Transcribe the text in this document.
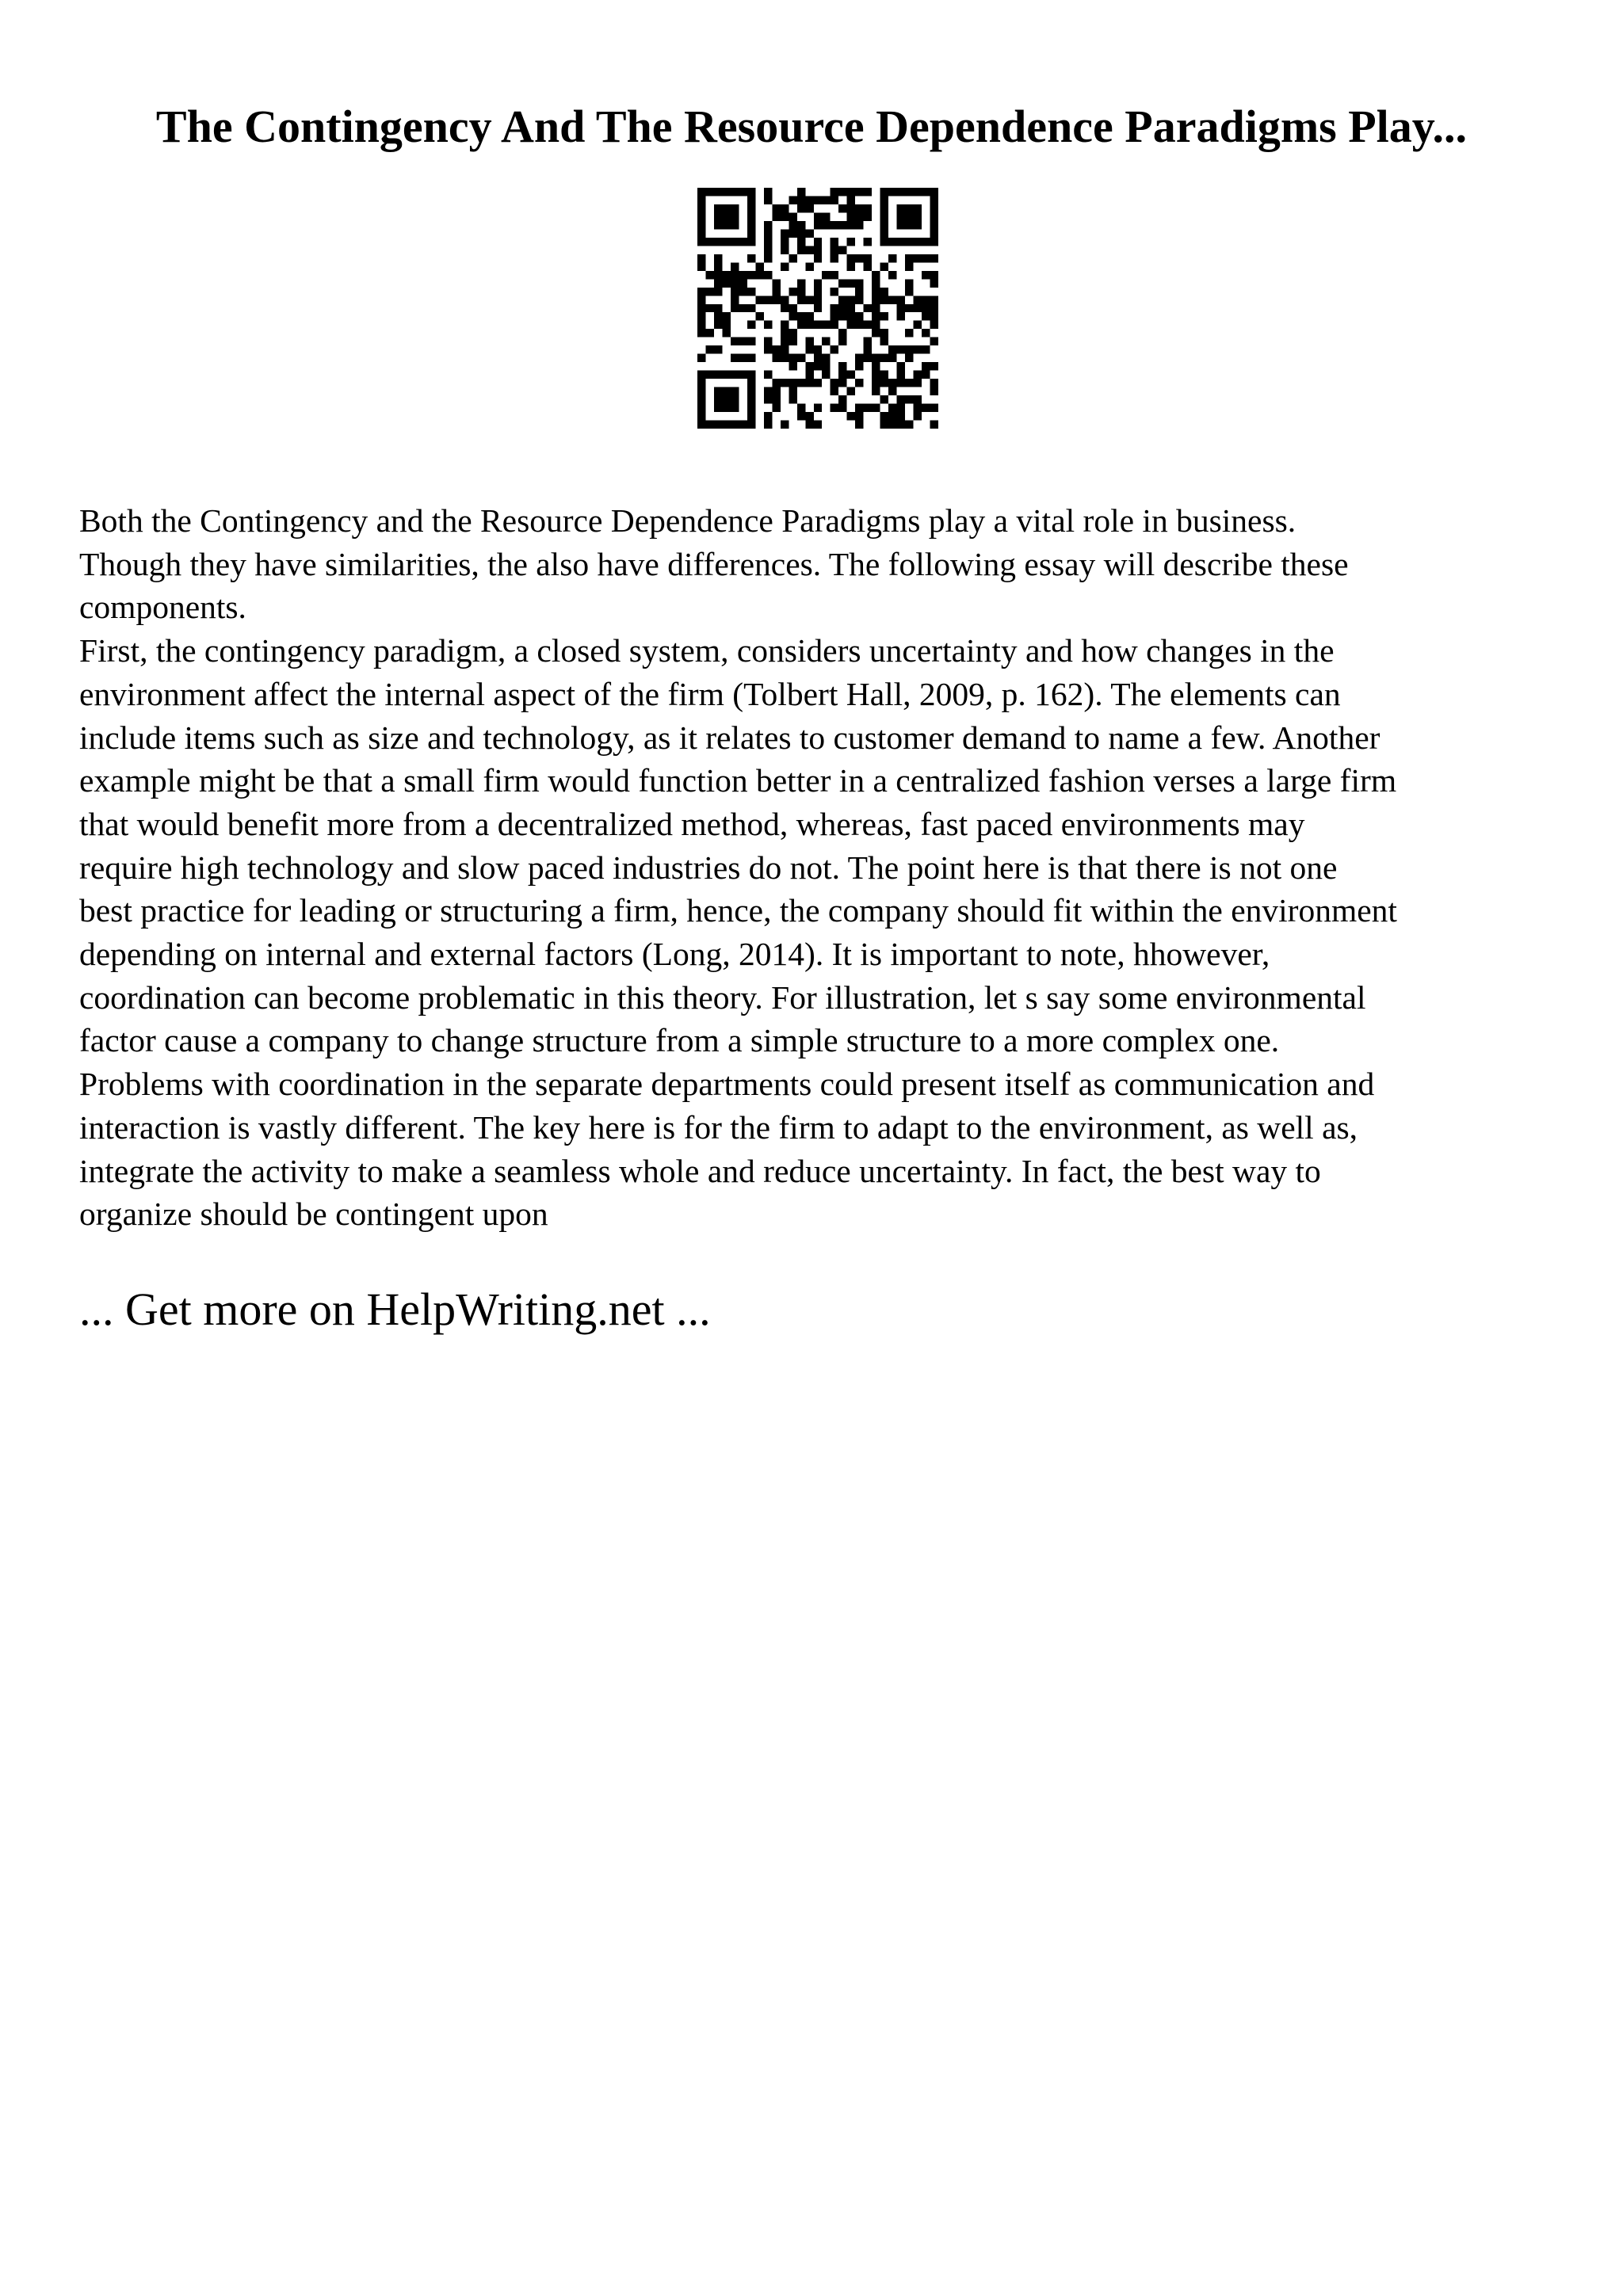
The Contingency And The Resource Dependence Paradigms Play...

Both the Contingency and the Resource Dependence Paradigms play a vital role in business.
Though they have similarities, the also have differences. The following essay will describe these
components.

First, the contingency paradigm, a closed system, considers uncertainty and how changes in the
environment affect the internal aspect of the firm (Tolbert Hall, 2009, p. 162). The elements can
include items such as size and technology, as it relates to customer demand to name a few. Another
example might be that a small firm would function better in a centralized fashion verses a large firm
that would benefit more from a decentralized method, whereas, fast paced environments may
require high technology and slow paced industries do not. The point here is that there is not one
best practice for leading or structuring a firm, hence, the company should fit within the environment
depending on internal and external factors (Long, 2014). It is important to note, hhowever,
coordination can become problematic in this theory. For illustration, let s say some environmental
factor cause a company to change structure from a simple structure to a more complex one.
Problems with coordination in the separate departments could present itself as communication and
interaction is vastly different. The key here is for the firm to adapt to the environment, as well as,
integrate the activity to make a seamless whole and reduce uncertainty. In fact, the best way to
organize should be contingent upon

... Get more on HelpWriting.net ...
